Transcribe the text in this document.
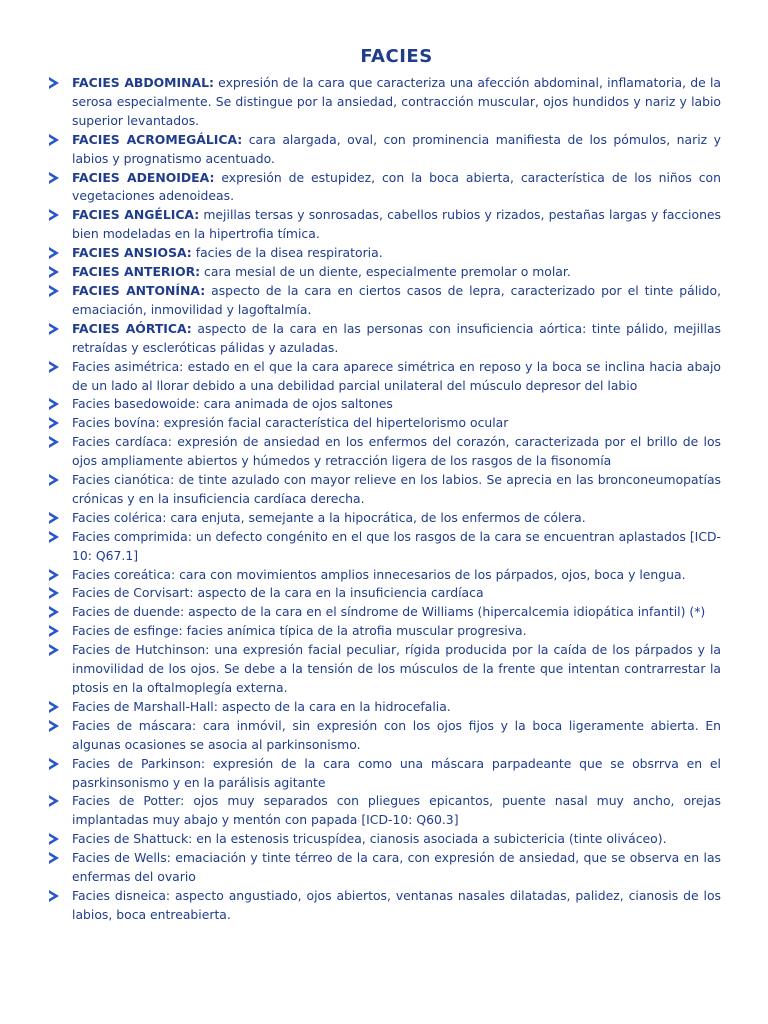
FACIES
FACIES ABDOMINAL: expresión de la cara que caracteriza una afección abdominal, inflamatoria, de la serosa especialmente. Se distingue por la ansiedad, contracción muscular, ojos hundidos y nariz y labio superior levantados.
FACIES ACROMEGÁLICA: cara alargada, oval, con prominencia manifiesta de los pómulos, nariz y labios y prognatismo acentuado.
FACIES ADENOIDEA: expresión de estupidez, con la boca abierta, característica de los niños con vegetaciones adenoideas.
FACIES ANGÉLICA: mejillas tersas y sonrosadas, cabellos rubios y rizados, pestañas largas y facciones bien modeladas en la hipertrofia tímica.
FACIES ANSIOSA: facies de la disea respiratoria.
FACIES ANTERIOR: cara mesial de un diente, especialmente premolar o molar.
FACIES ANTONÍNA: aspecto de la cara en ciertos casos de lepra, caracterizado por el tinte pálido, emaciación, inmovilidad y lagoftalmía.
FACIES AÓRTICA: aspecto de la cara en las personas con insuficiencia aórtica: tinte pálido, mejillas retraídas y escleróticas pálidas y azuladas.
Facies asimétrica: estado en el que la cara aparece simétrica en reposo y la boca se inclina hacia abajo de un lado al llorar debido a una debilidad parcial unilateral del músculo depresor del labio
Facies basedowoide: cara animada de ojos saltones
Facies bovína: expresión facial característica del hipertelorismo ocular
Facies cardíaca: expresión de ansiedad en los enfermos del corazón, caracterizada por el brillo de los ojos ampliamente abiertos y húmedos y retracción ligera de los rasgos de la fisonomía
Facies cianótica: de tinte azulado con mayor relieve en los labios. Se aprecia en las bronconeumopatías crónicas y en la insuficiencia cardíaca derecha.
Facies colérica: cara enjuta, semejante a la hipocrática, de los enfermos de cólera.
Facies comprimida: un defecto congénito en el que los rasgos de la cara se encuentran aplastados [ICD-10: Q67.1]
Facies coreática: cara con movimientos amplios innecesarios de los párpados, ojos, boca y lengua.
Facies de Corvisart: aspecto de la cara en la insuficiencia cardíaca
Facies de duende: aspecto de la cara en el síndrome de Williams (hipercalcemia idiopática infantil) (*)
Facies de esfinge: facies anímica típica de la atrofia muscular progresiva.
Facies de Hutchinson: una expresión facial peculiar, rígida producida por la caída de los párpados y la inmovilidad de los ojos. Se debe a la tensión de los músculos de la frente que intentan contrarrestar la ptosis en la oftalmoplegía externa.
Facies de Marshall-Hall: aspecto de la cara en la hidrocefalia.
Facies de máscara: cara inmóvil, sin expresión con los ojos fijos y la boca ligeramente abierta. En algunas ocasiones se asocia al parkinsonismo.
Facies de Parkinson: expresión de la cara como una máscara parpadeante que se obsrrva en el pasrkinsonismo y en la parálisis agitante
Facies de Potter: ojos muy separados con pliegues epicantos, puente nasal muy ancho, orejas implantadas muy abajo y mentón con papada [ICD-10: Q60.3]
Facies de Shattuck: en la estenosis tricuspídea, cianosis asociada a subictericia (tinte oliváceo).
Facies de Wells: emaciación y tinte térreo de la cara, con expresión de ansiedad, que se observa en las enfermas del ovario
Facies disneica: aspecto angustiado, ojos abiertos, ventanas nasales dilatadas, palidez, cianosis de los labios, boca entreabierta.
